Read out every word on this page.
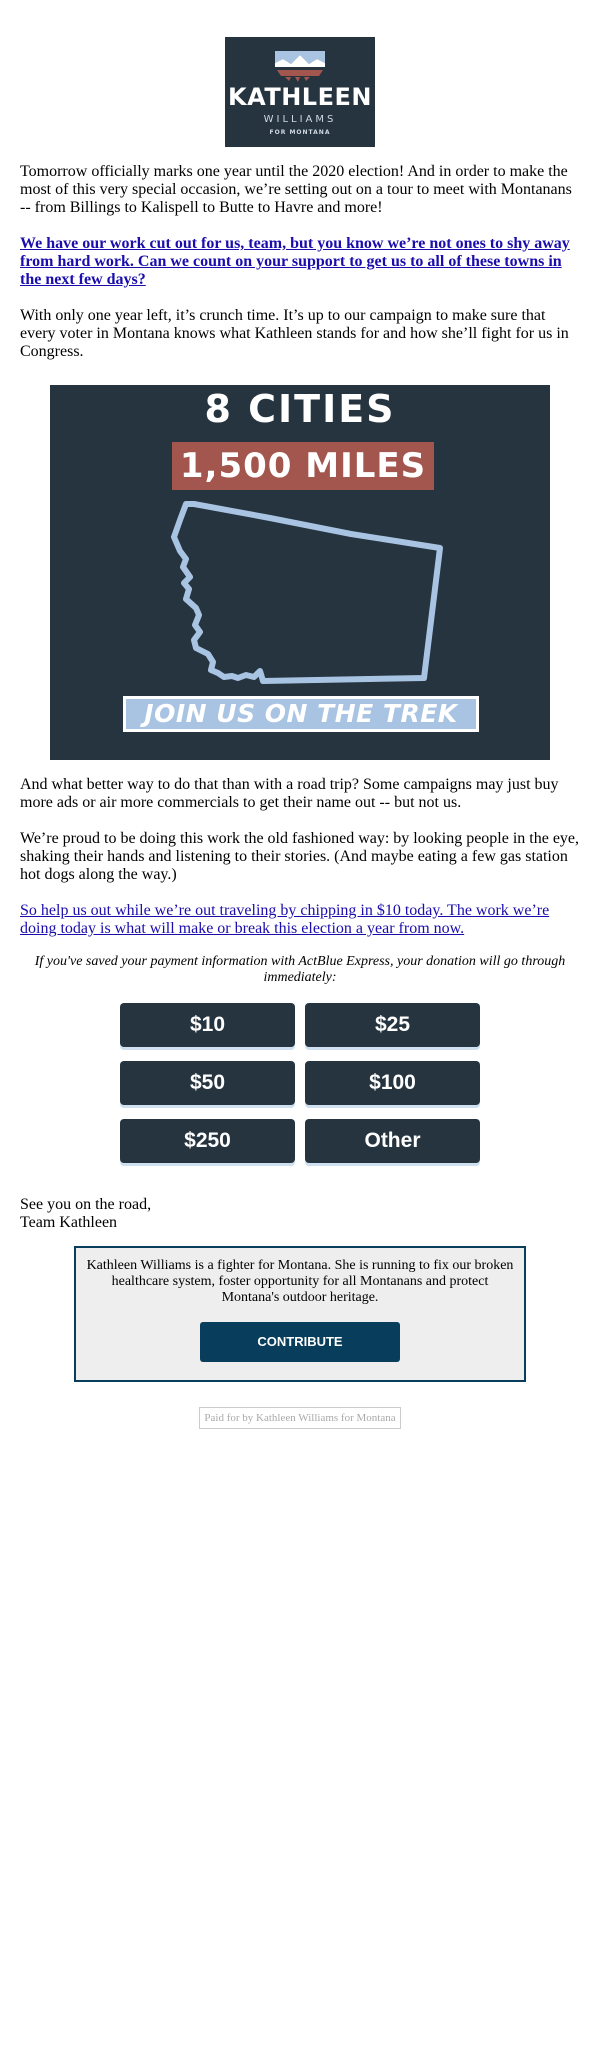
KATHLEEN
WILLIAMS
FOR MONTANA

Tomorrow officially marks one year until the 2020 election! And in order to make the most of this very special occasion, we’re setting out on a tour to meet with Montanans -- from Billings to Kalispell to Butte to Havre and more!

We have our work cut out for us, team, but you know we’re not ones to shy away from hard work. Can we count on your support to get us to all of these towns in the next few days?

With only one year left, it’s crunch time. It’s up to our campaign to make sure that every voter in Montana knows what Kathleen stands for and how she’ll fight for us in Congress.

8 CITIES
1,500 MILES
JOIN US ON THE TREK

And what better way to do that than with a road trip? Some campaigns may just buy more ads or air more commercials to get their name out -- but not us.

We’re proud to be doing this work the old fashioned way: by looking people in the eye, shaking their hands and listening to their stories. (And maybe eating a few gas station hot dogs along the way.)

So help us out while we’re out traveling by chipping in $10 today. The work we’re doing today is what will make or break this election a year from now.

If you've saved your payment information with ActBlue Express, your donation will go through immediately:

$10	$25
$50	$100
$250	Other

See you on the road,

Team Kathleen

Kathleen Williams is a fighter for Montana. She is running to fix our broken healthcare system, foster opportunity for all Montanans and protect Montana's outdoor heritage.

CONTRIBUTE
Paid for by Kathleen Williams for Montana
